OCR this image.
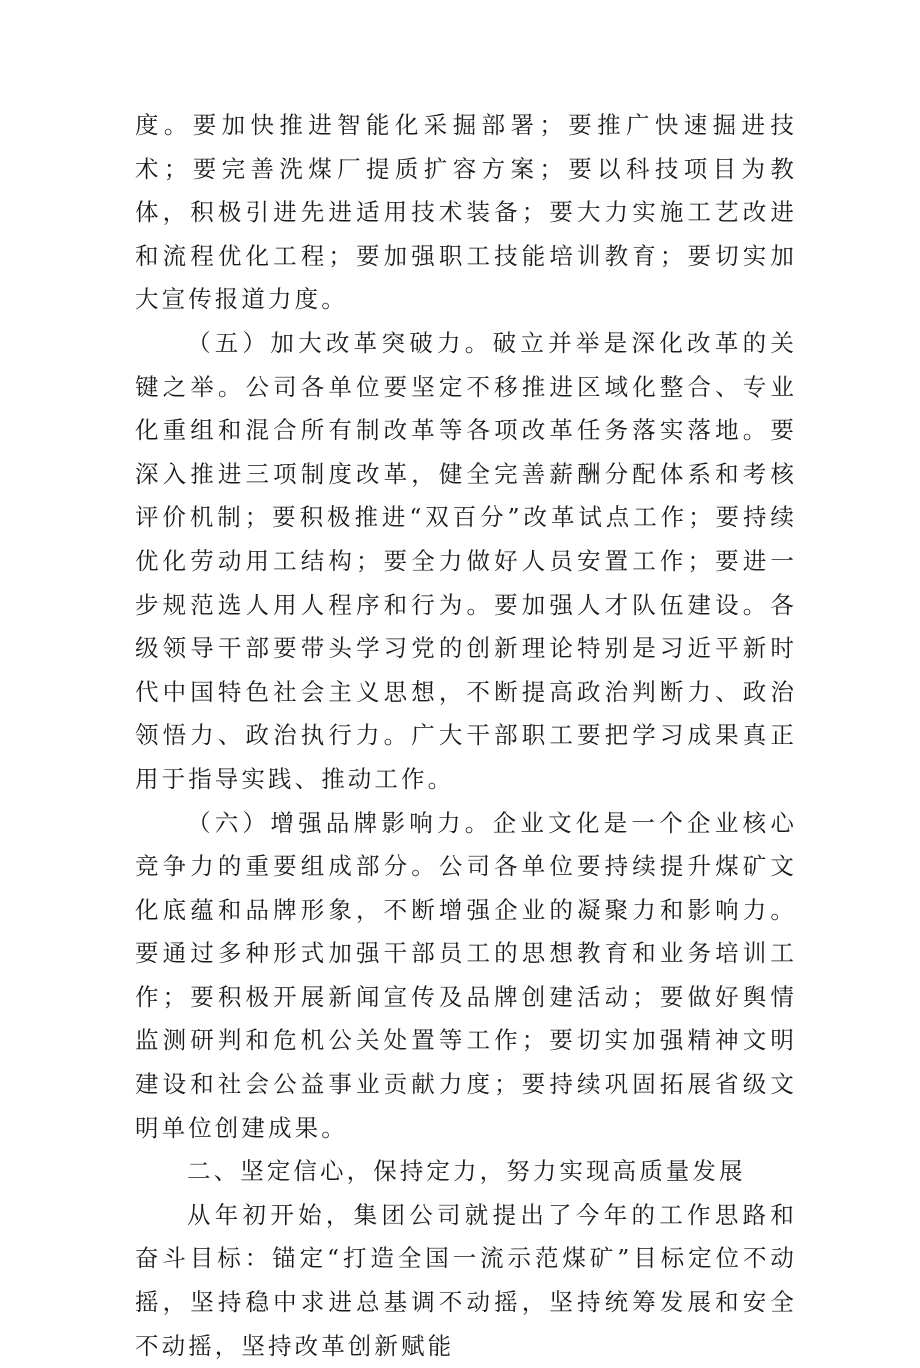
度。要加快推进智能化采掘部署；要推广快速掘进技术；要完善洗煤厂提质扩容方案；要以科技项目为教体，积极引进先进适用技术装备；要大力实施工艺改进和流程优化工程；要加强职工技能培训教育；要切实加大宣传报道力度。

（五）加大改革突破力。破立并举是深化改革的关键之举。公司各单位要坚定不移推进区域化整合、专业化重组和混合所有制改革等各项改革任务落实落地。要深入推进三项制度改革，健全完善薪酬分配体系和考核评价机制；要积极推进“双百分”改革试点工作；要持续优化劳动用工结构；要全力做好人员安置工作；要进一步规范选人用人程序和行为。要加强人才队伍建设。各级领导干部要带头学习党的创新理论特别是习近平新时代中国特色社会主义思想，不断提高政治判断力、政治领悟力、政治执行力。广大干部职工要把学习成果真正用于指导实践、推动工作。

（六）增强品牌影响力。企业文化是一个企业核心竞争力的重要组成部分。公司各单位要持续提升煤矿文化底蕴和品牌形象，不断增强企业的凝聚力和影响力。要通过多种形式加强干部员工的思想教育和业务培训工作；要积极开展新闻宣传及品牌创建活动；要做好舆情监测研判和危机公关处置等工作；要切实加强精神文明建设和社会公益事业贡献力度；要持续巩固拓展省级文明单位创建成果。

二、坚定信心，保持定力，努力实现高质量发展

从年初开始，集团公司就提出了今年的工作思路和奋斗目标：锚定“打造全国一流示范煤矿”目标定位不动摇，坚持稳中求进总基调不动摇，坚持统筹发展和安全不动摇，坚持改革创新赋能
